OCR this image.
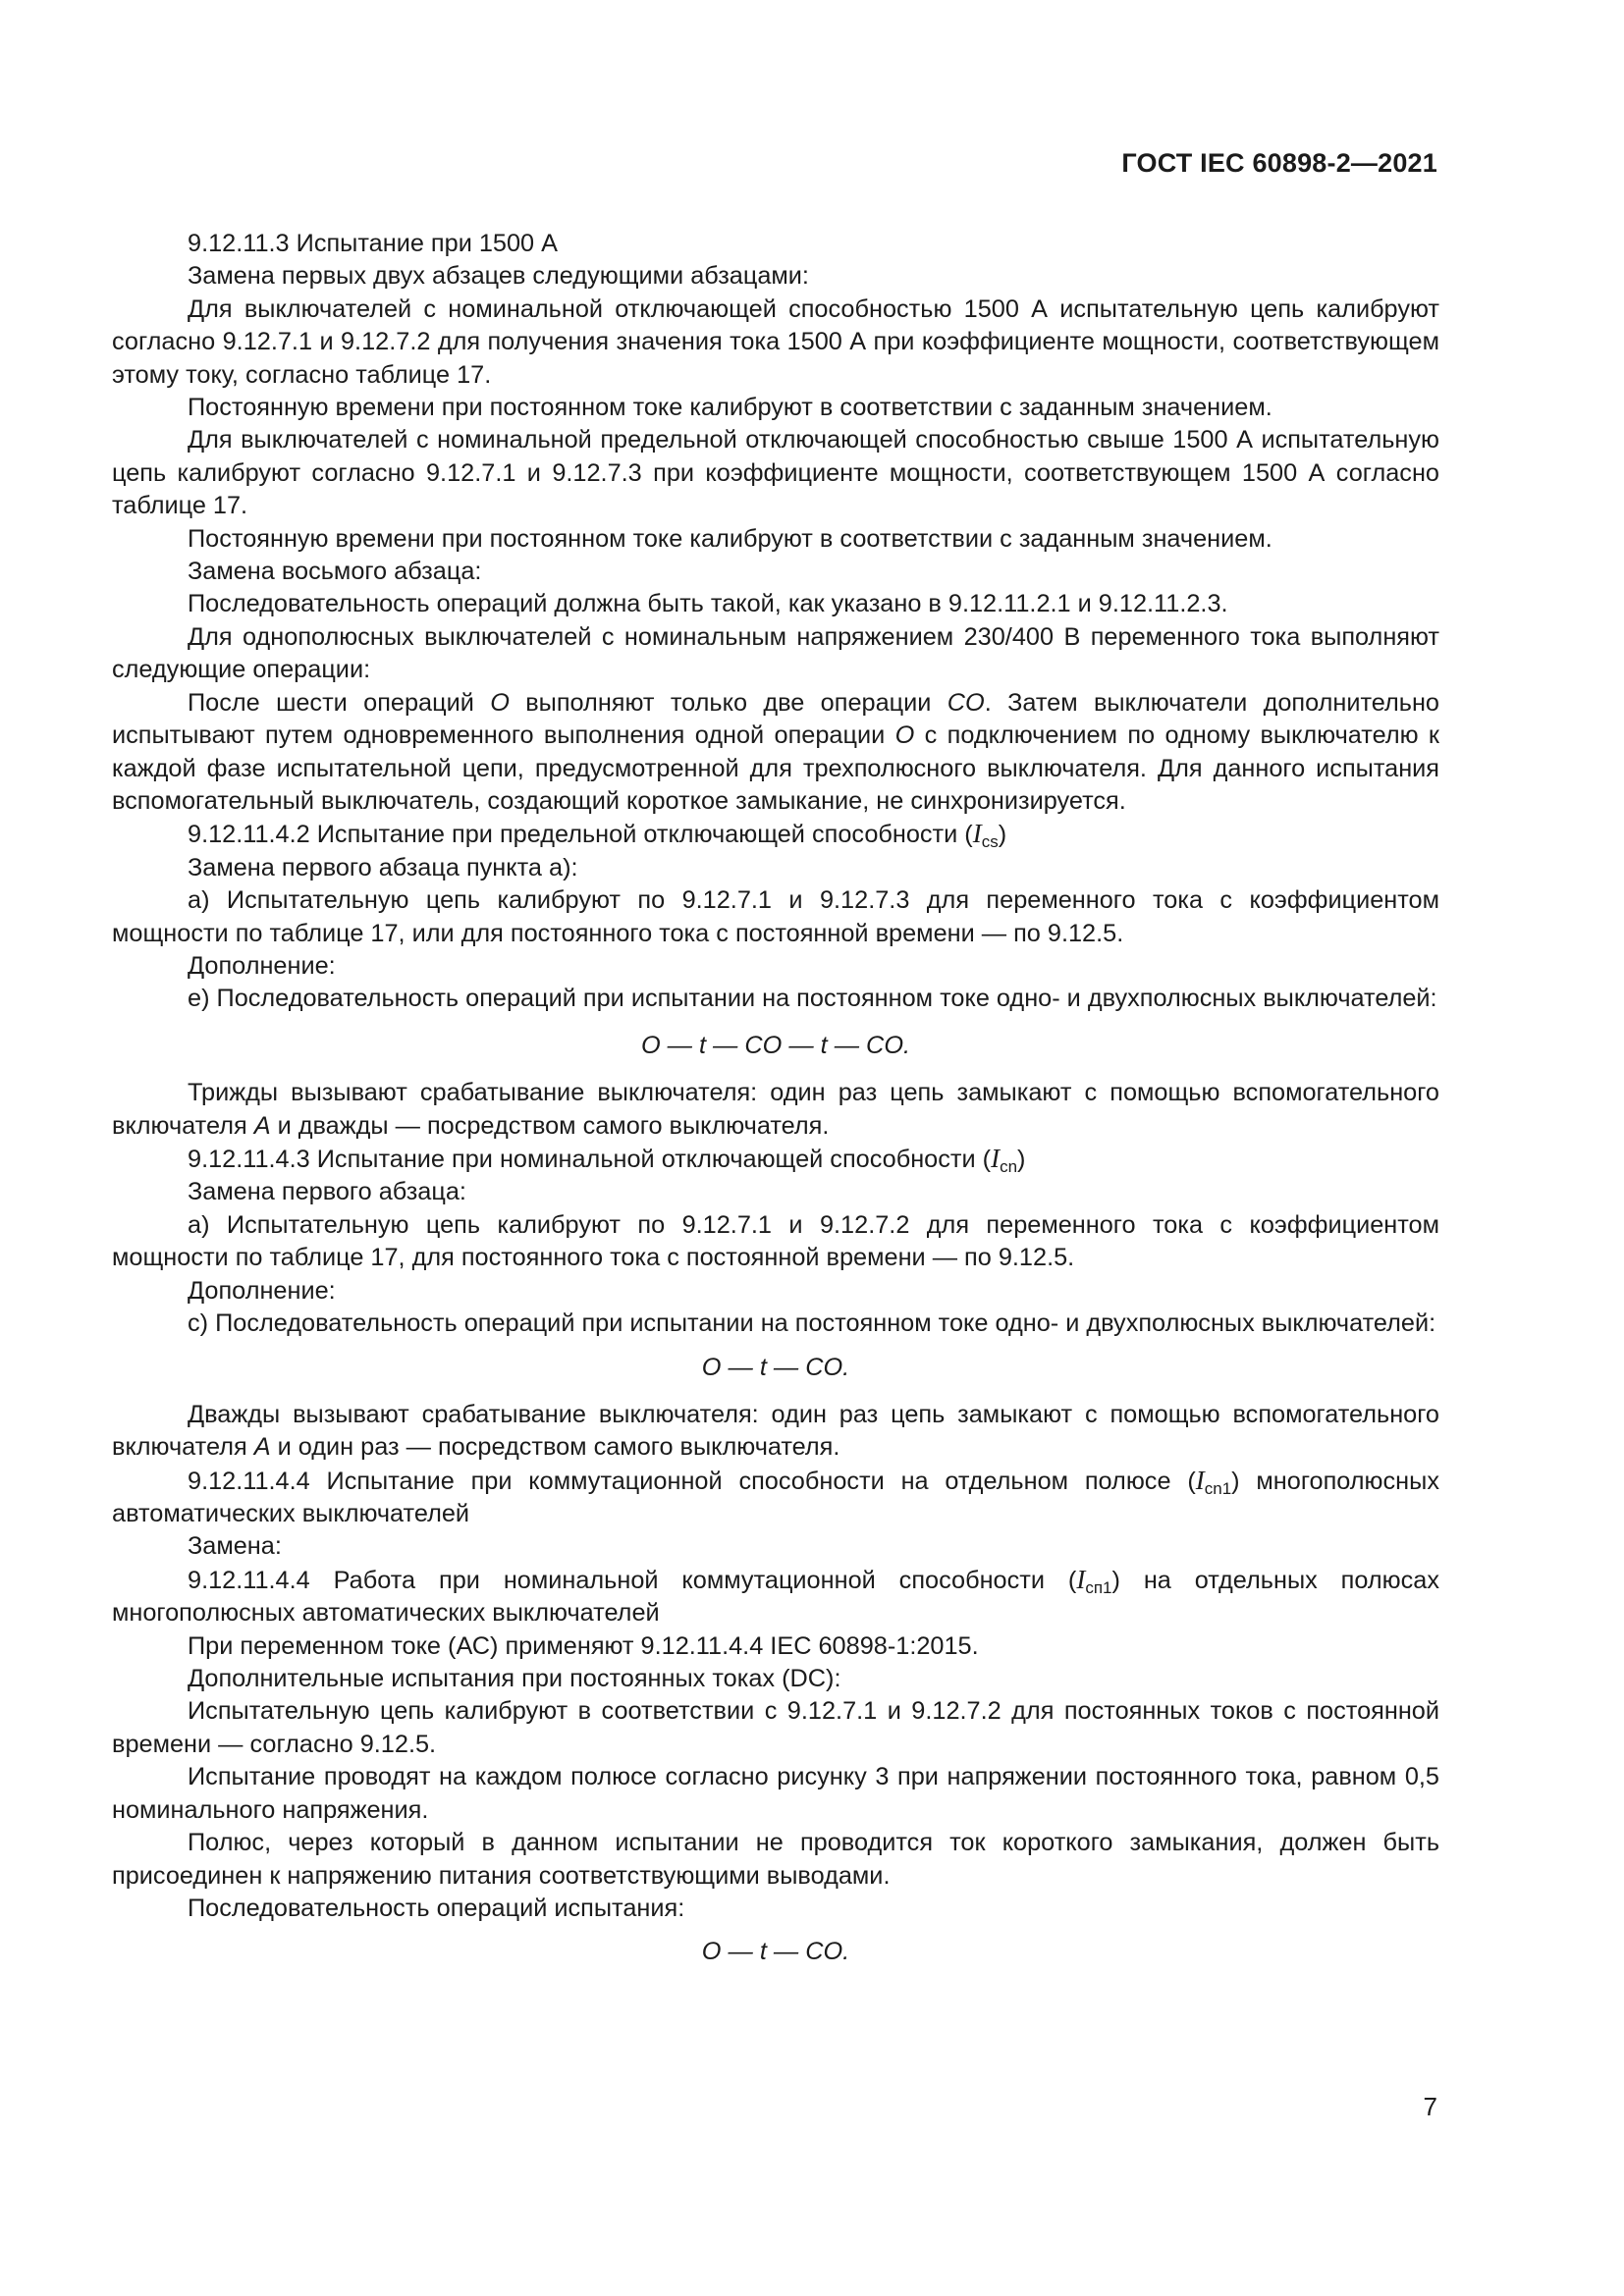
ГОСТ IEC 60898-2—2021

9.12.11.3 Испытание при 1500 А

Замена первых двух абзацев следующими абзацами:

Для выключателей с номинальной отключающей способностью 1500 А испытательную цепь калибруют согласно 9.12.7.1 и 9.12.7.2 для получения значения тока 1500 А при коэффициенте мощности, соответствующем этому току, согласно таблице 17.

Постоянную времени при постоянном токе калибруют в соответствии с заданным значением.

Для выключателей с номинальной предельной отключающей способностью свыше 1500 А испытательную цепь калибруют согласно 9.12.7.1 и 9.12.7.3 при коэффициенте мощности, соответствующем 1500 А согласно таблице 17.

Постоянную времени при постоянном токе калибруют в соответствии с заданным значением.

Замена восьмого абзаца:

Последовательность операций должна быть такой, как указано в 9.12.11.2.1 и 9.12.11.2.3.

Для однополюсных выключателей с номинальным напряжением 230/400 В переменного тока выполняют следующие операции:

После шести операций O выполняют только две операции CO. Затем выключатели дополнительно испытывают путем одновременного выполнения одной операции O с подключением по одному выключателю к каждой фазе испытательной цепи, предусмотренной для трехполюсного выключателя. Для данного испытания вспомогательный выключатель, создающий короткое замыкание, не синхронизируется.

9.12.11.4.2 Испытание при предельной отключающей способности $(I_{cs})$

Замена первого абзаца пункта а):

а) Испытательную цепь калибруют по 9.12.7.1 и 9.12.7.3 для переменного тока с коэффициентом мощности по таблице 17, или для постоянного тока с постоянной времени — по 9.12.5.

Дополнение:

е) Последовательность операций при испытании на постоянном токе одно- и двухполюсных выключателей:

O — t — CO — t — CO.

Трижды вызывают срабатывание выключателя: один раз цепь замыкают с помощью вспомогательного включателя А и дважды — посредством самого выключателя.

9.12.11.4.3 Испытание при номинальной отключающей способности $(I_{cn})$

Замена первого абзаца:

а) Испытательную цепь калибруют по 9.12.7.1 и 9.12.7.2 для переменного тока с коэффициентом мощности по таблице 17, для постоянного тока с постоянной времени — по 9.12.5.

Дополнение:

с) Последовательность операций при испытании на постоянном токе одно- и двухполюсных выключателей:

O — t — CO.

Дважды вызывают срабатывание выключателя: один раз цепь замыкают с помощью вспомогательного включателя А и один раз — посредством самого выключателя.

9.12.11.4.4 Испытание при коммутационной способности на отдельном полюсе $(I_{cn1})$ многополюсных автоматических выключателей

Замена:

9.12.11.4.4 Работа при номинальной коммутационной способности $(I_{сп1})$ на отдельных полюсах многополюсных автоматических выключателей

При переменном токе (АС) применяют 9.12.11.4.4 IEC 60898-1:2015.

Дополнительные испытания при постоянных токах (DC):

Испытательную цепь калибруют в соответствии с 9.12.7.1 и 9.12.7.2 для постоянных токов с постоянной времени — согласно 9.12.5.

Испытание проводят на каждом полюсе согласно рисунку 3 при напряжении постоянного тока, равном 0,5 номинального напряжения.

Полюс, через который в данном испытании не проводится ток короткого замыкания, должен быть присоединен к напряжению питания соответствующими выводами.

Последовательность операций испытания:

O — t — CO.

7
